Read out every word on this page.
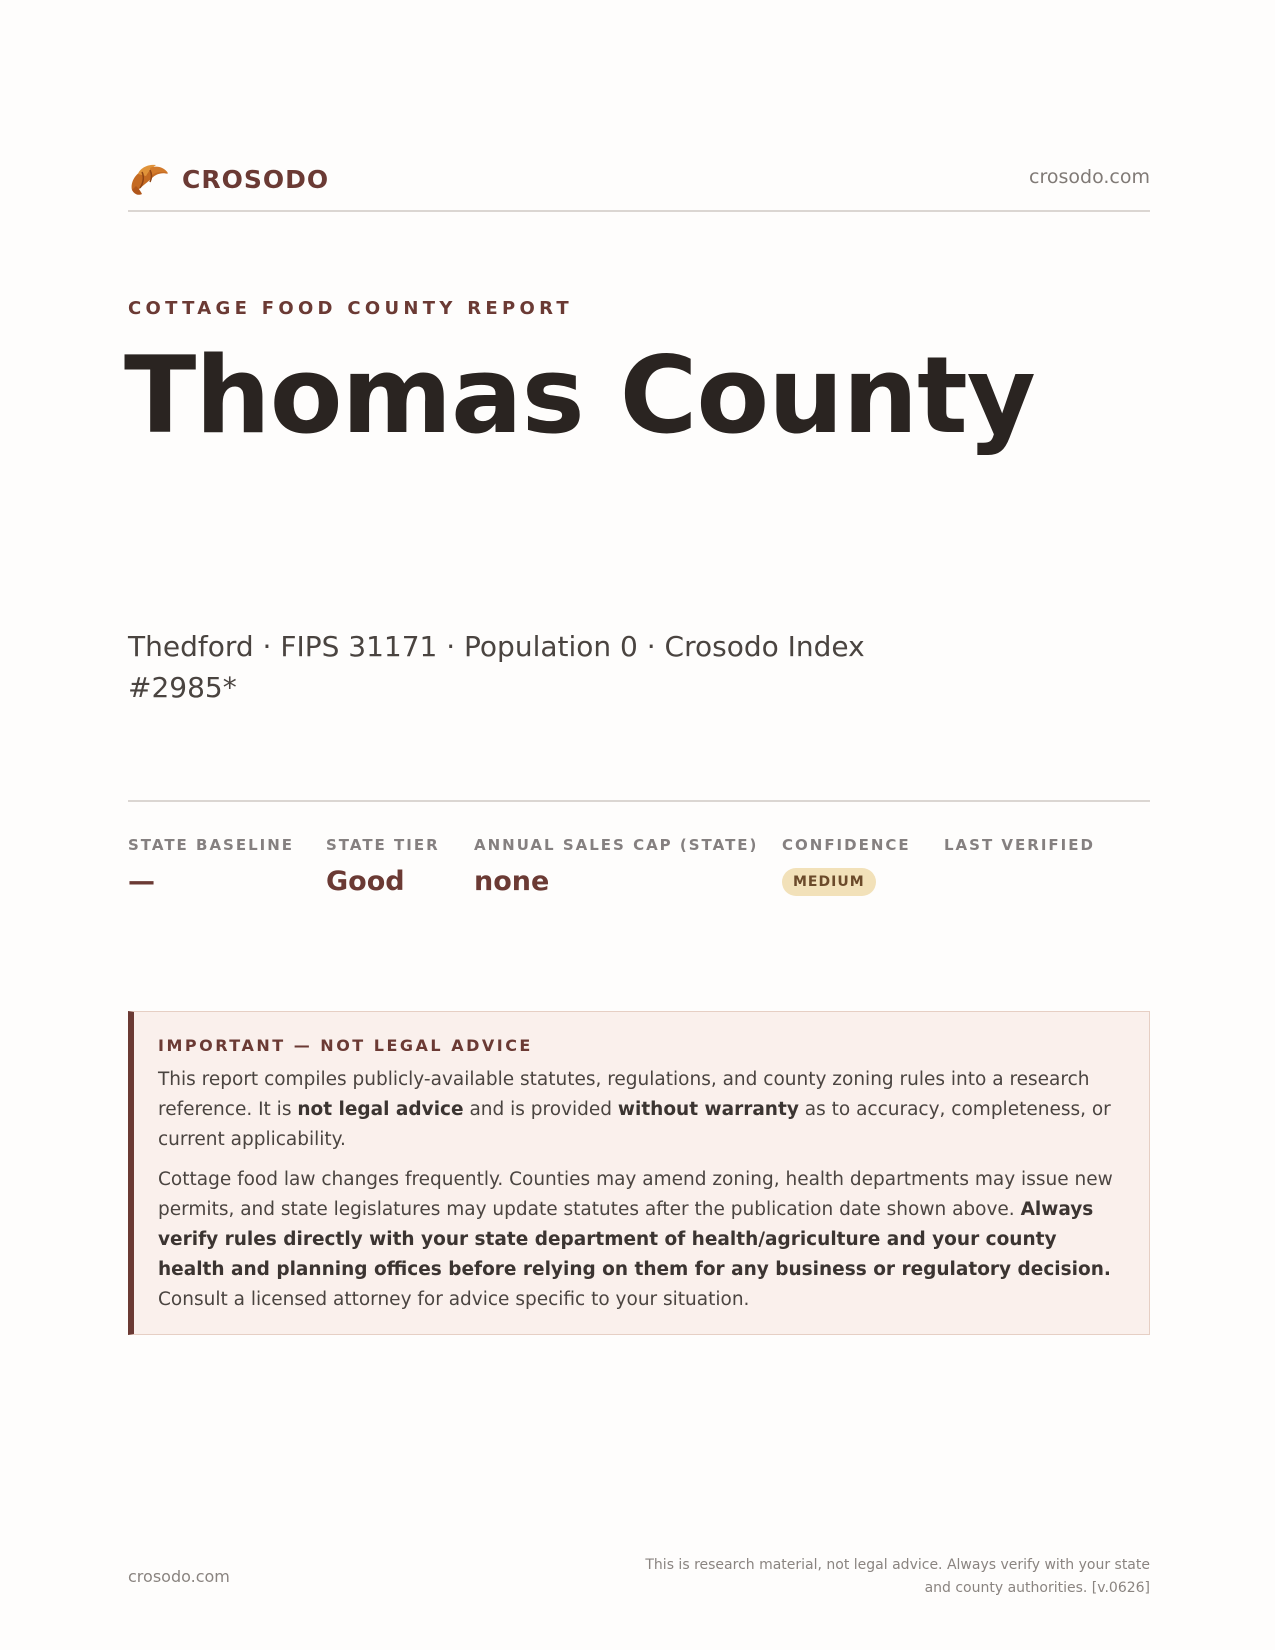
CROSODO	crosodo.com
COTTAGE FOOD COUNTY REPORT
Thomas County
Thedford · FIPS 31171 · Population 0 · Crosodo Index #2985*
STATE BASELINE
—
STATE TIER
Good
ANNUAL SALES CAP (STATE)
none
CONFIDENCE
MEDIUM
LAST VERIFIED
IMPORTANT — NOT LEGAL ADVICE

This report compiles publicly-available statutes, regulations, and county zoning rules into a research reference. It is not legal advice and is provided without warranty as to accuracy, completeness, or current applicability.

Cottage food law changes frequently. Counties may amend zoning, health departments may issue new permits, and state legislatures may update statutes after the publication date shown above. Always verify rules directly with your state department of health/agriculture and your county health and planning offices before relying on them for any business or regulatory decision. Consult a licensed attorney for advice specific to your situation.

crosodo.com
This is research material, not legal advice. Always verify with your state
and county authorities. [v.0626]
